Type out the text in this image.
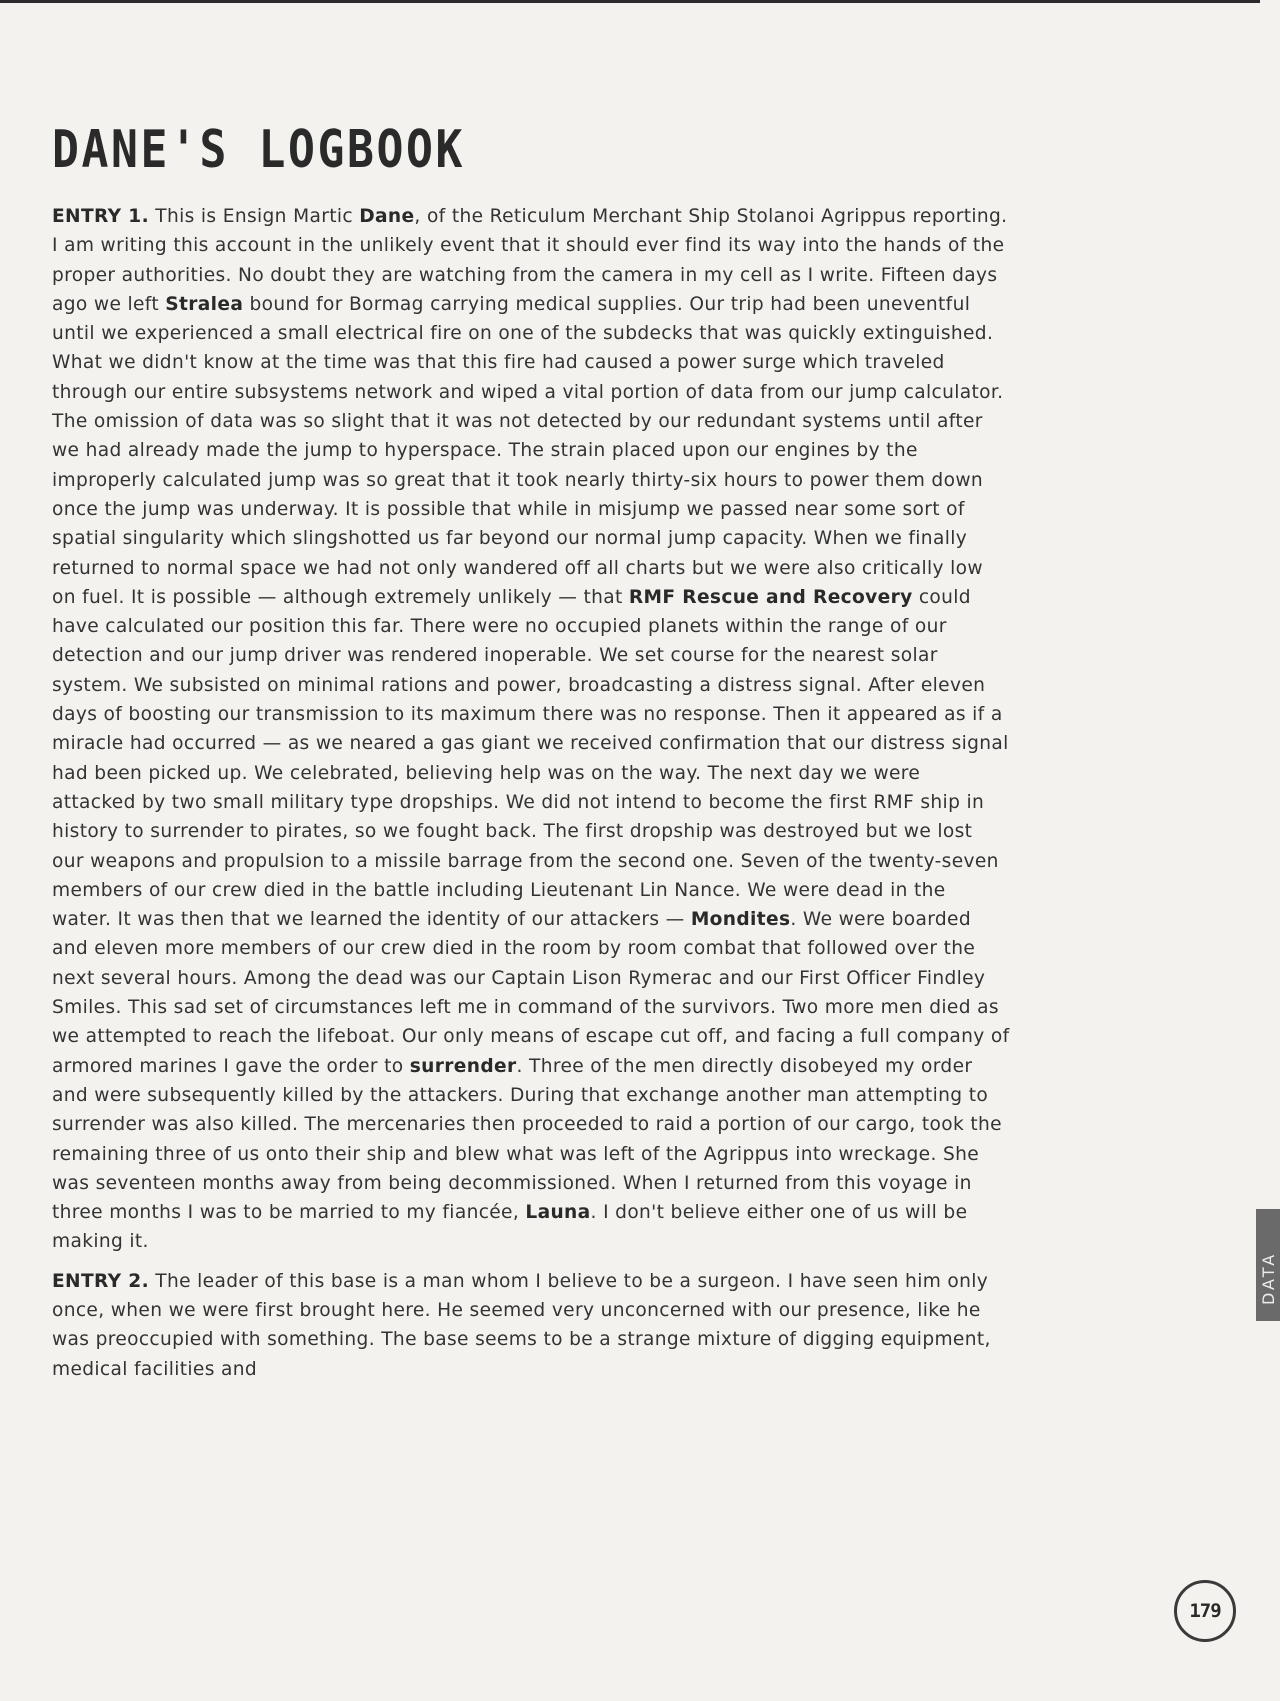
DANE'S LOGBOOK

ENTRY 1. This is Ensign Martic Dane, of the Reticulum Merchant Ship Stolanoi Agrippus reporting. I am writing this account in the unlikely event that it should ever find its way into the hands of the proper authorities. No doubt they are watching from the camera in my cell as I write. Fifteen days ago we left Stralea bound for Bormag carrying medical supplies. Our trip had been uneventful until we experienced a small electrical fire on one of the subdecks that was quickly extinguished. What we didn't know at the time was that this fire had caused a power surge which traveled through our entire subsystems network and wiped a vital portion of data from our jump calculator. The omission of data was so slight that it was not detected by our redundant systems until after we had already made the jump to hyperspace. The strain placed upon our engines by the improperly calculated jump was so great that it took nearly thirty-six hours to power them down once the jump was underway. It is possible that while in misjump we passed near some sort of spatial singularity which slingshotted us far beyond our normal jump capacity. When we finally returned to normal space we had not only wandered off all charts but we were also critically low on fuel. It is possible — although extremely unlikely — that RMF Rescue and Recovery could have calculated our position this far. There were no occupied planets within the range of our detection and our jump driver was rendered inoperable. We set course for the nearest solar system. We subsisted on minimal rations and power, broadcasting a distress signal. After eleven days of boosting our transmission to its maximum there was no response. Then it appeared as if a miracle had occurred — as we neared a gas giant we received confirmation that our distress signal had been picked up. We celebrated, believing help was on the way. The next day we were attacked by two small military type dropships. We did not intend to become the first RMF ship in history to surrender to pirates, so we fought back. The first dropship was destroyed but we lost our weapons and propulsion to a missile barrage from the second one. Seven of the twenty-seven members of our crew died in the battle including Lieutenant Lin Nance. We were dead in the water. It was then that we learned the identity of our attackers — Mondites. We were boarded and eleven more members of our crew died in the room by room combat that followed over the next several hours. Among the dead was our Captain Lison Rymerac and our First Officer Findley Smiles. This sad set of circumstances left me in command of the survivors. Two more men died as we attempted to reach the lifeboat. Our only means of escape cut off, and facing a full company of armored marines I gave the order to surrender. Three of the men directly disobeyed my order and were subsequently killed by the attackers. During that exchange another man attempting to surrender was also killed. The mercenaries then proceeded to raid a portion of our cargo, took the remaining three of us onto their ship and blew what was left of the Agrippus into wreckage. She was seventeen months away from being decommissioned. When I returned from this voyage in three months I was to be married to my fiancée, Launa. I don't believe either one of us will be making it.

ENTRY 2. The leader of this base is a man whom I believe to be a surgeon. I have seen him only once, when we were first brought here. He seemed very unconcerned with our presence, like he was preoccupied with something. The base seems to be a strange mixture of digging equipment, medical facilities and

DATA
179
